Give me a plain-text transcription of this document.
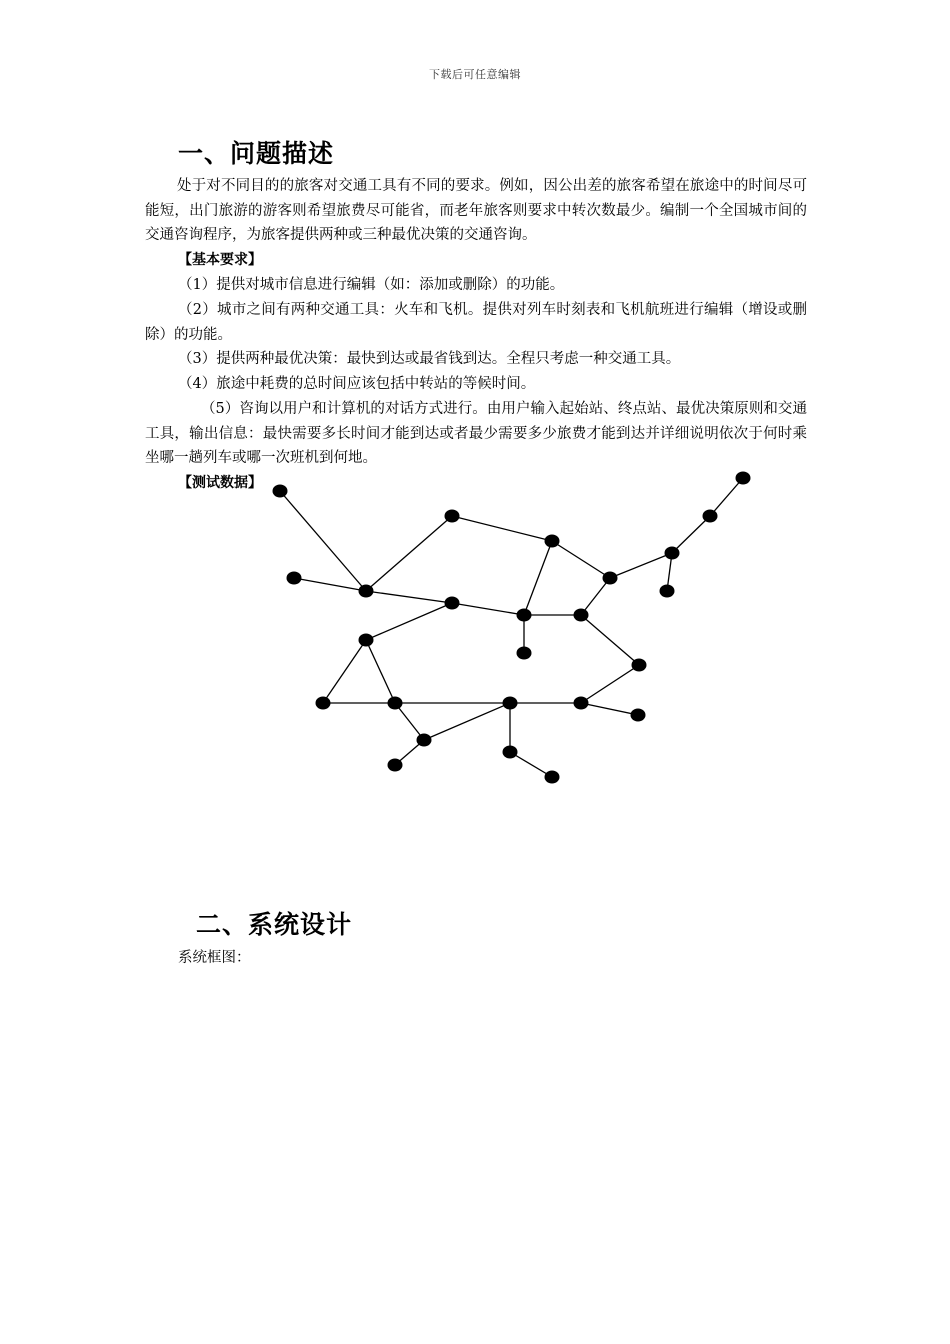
下载后可任意编辑
一、问题描述
处于对不同目的的旅客对交通工具有不同的要求。例如，因公出差的旅客希望在旅途中的时间尽可能短，出门旅游的游客则希望旅费尽可能省，而老年旅客则要求中转次数最少。编制一个全国城市间的交通咨询程序，为旅客提供两种或三种最优决策的交通咨询。
【基本要求】
（1）提供对城市信息进行编辑（如：添加或删除）的功能。
（2）城市之间有两种交通工具：火车和飞机。提供对列车时刻表和飞机航班进行编辑（增设或删除）的功能。
（3）提供两种最优决策：最快到达或最省钱到达。全程只考虑一种交通工具。
（4）旅途中耗费的总时间应该包括中转站的等候时间。
（5）咨询以用户和计算机的对话方式进行。由用户输入起始站、终点站、最优决策原则和交通工具，输出信息：最快需要多长时间才能到达或者最少需要多少旅费才能到达并详细说明依次于何时乘坐哪一趟列车或哪一次班机到何地。
【测试数据】
二、系统设计
系统框图：
